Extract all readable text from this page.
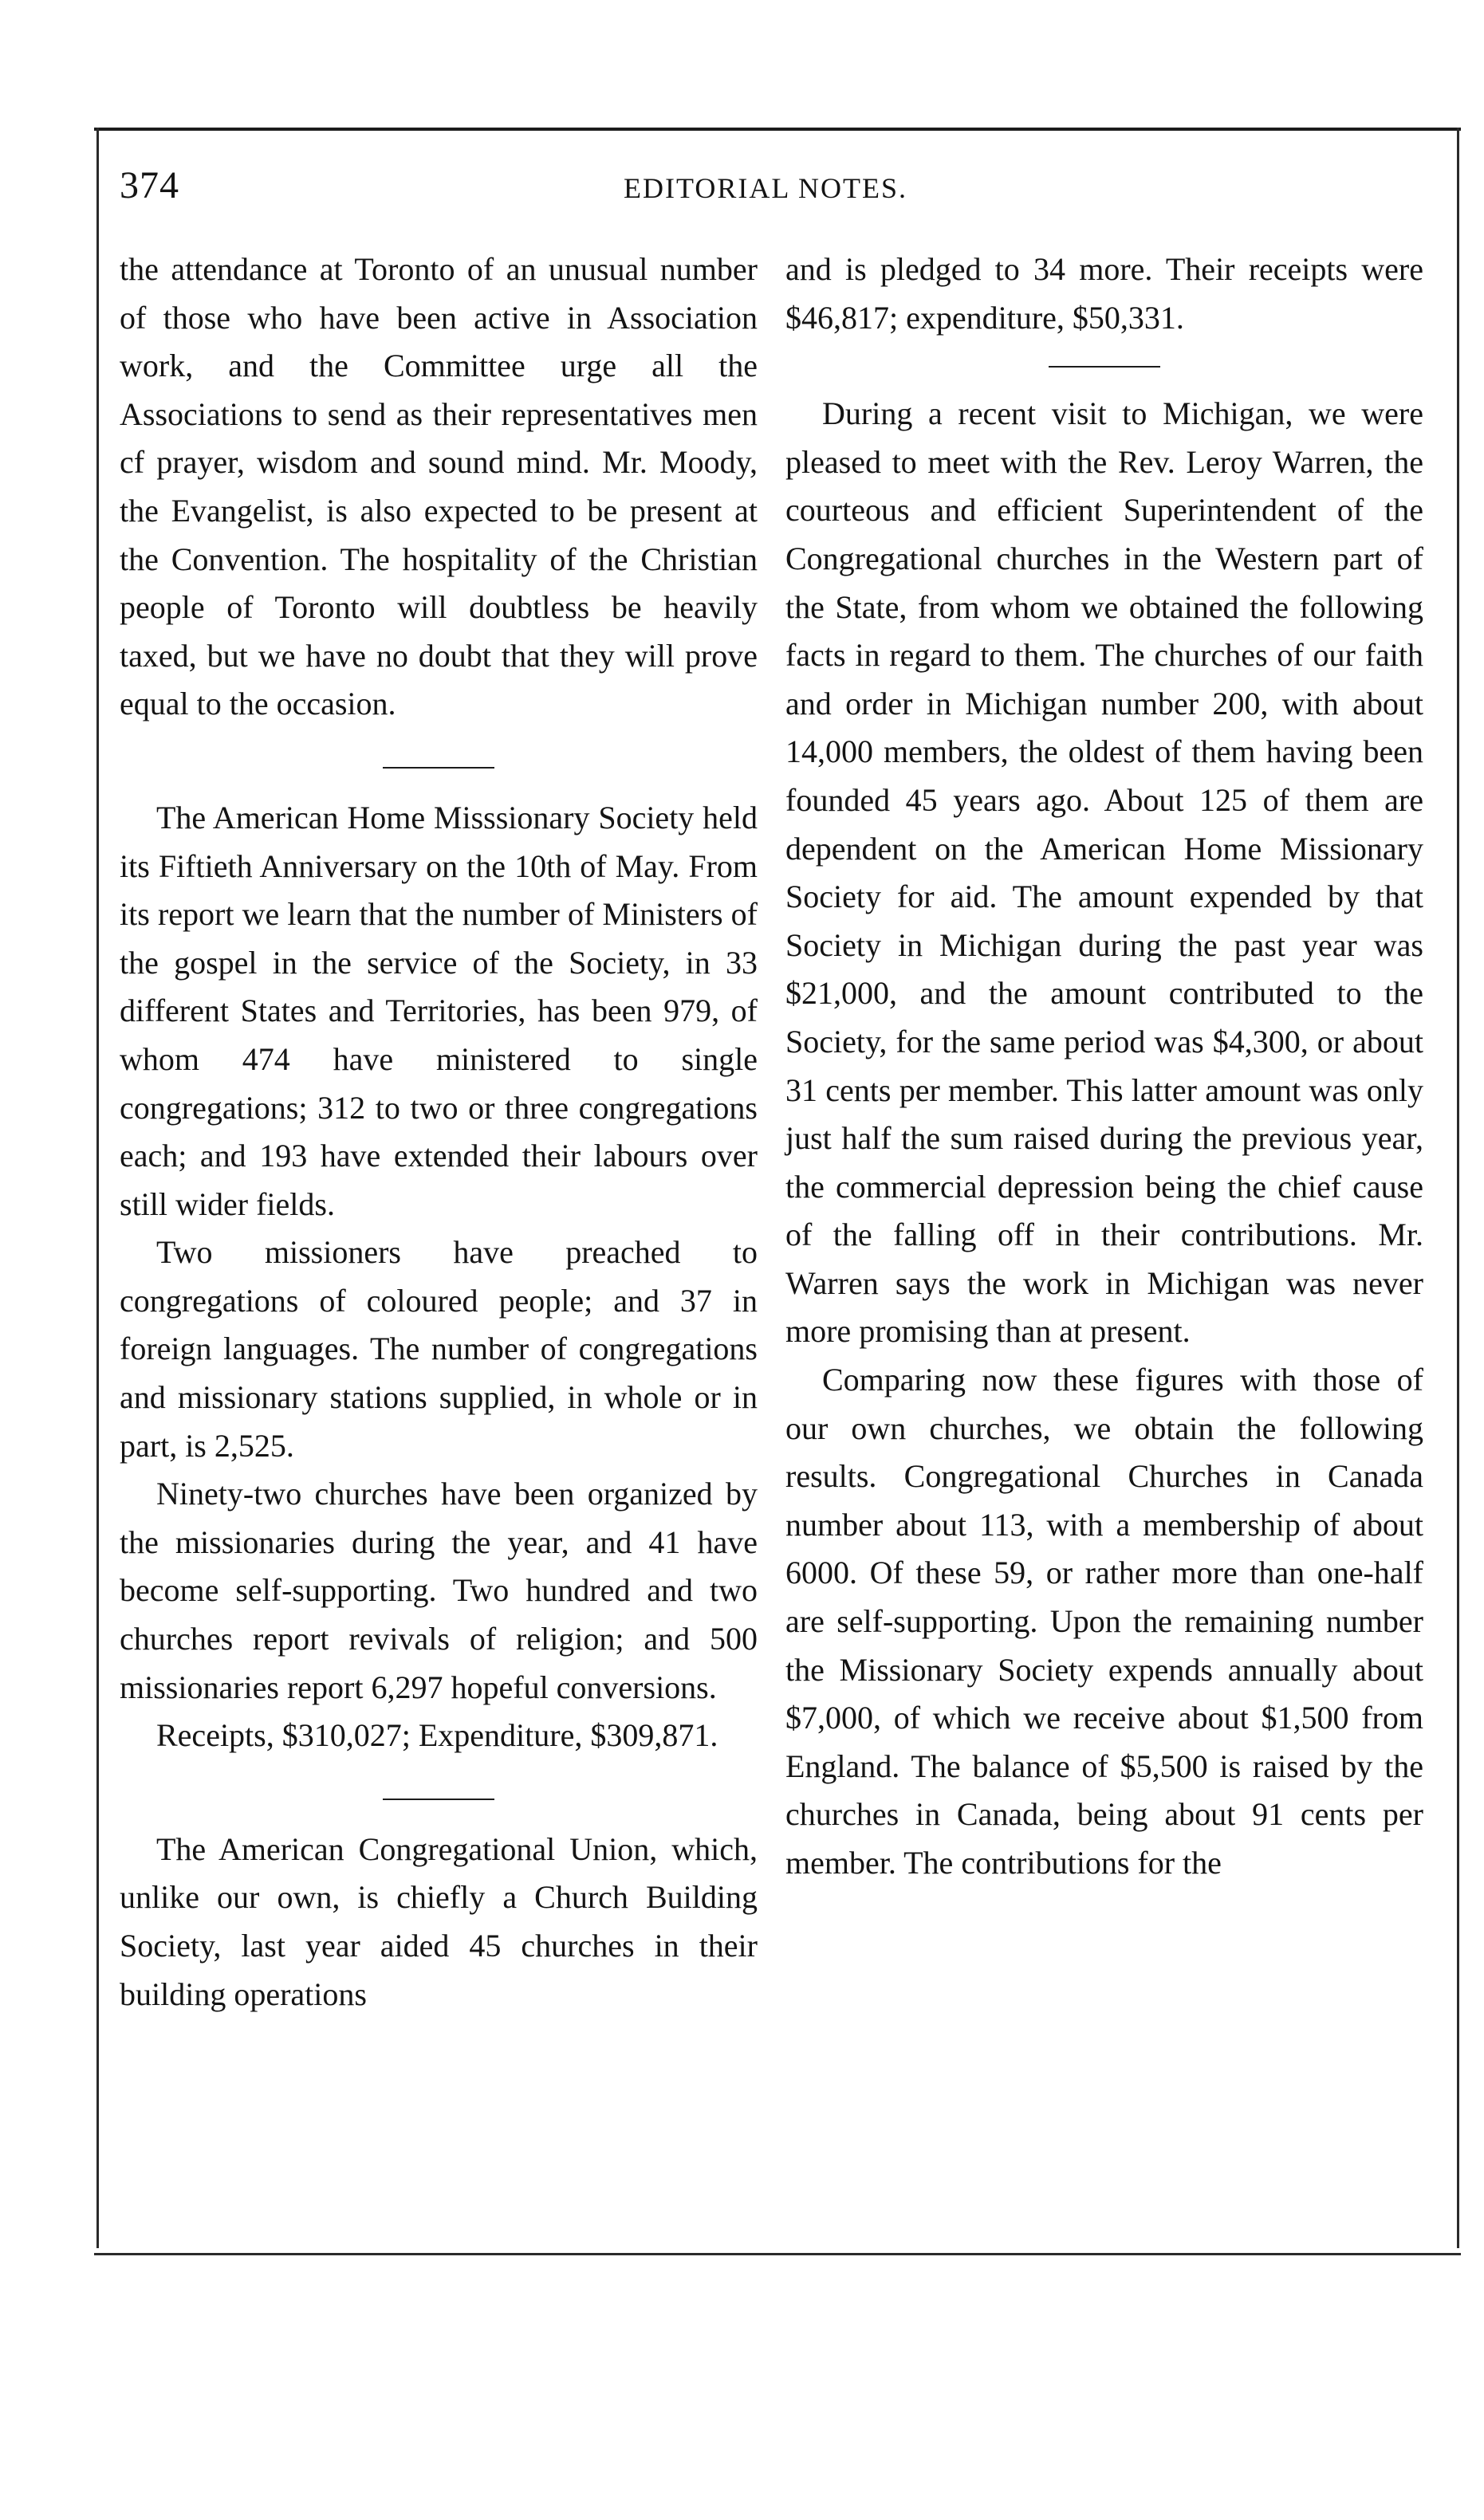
374	EDITORIAL NOTES.

the attendance at Toronto of an unusual number of those who have been active in Association work, and the Committee urge all the Associations to send as their representatives men cf prayer, wisdom and sound mind. Mr. Moody, the Evangelist, is also expected to be present at the Convention. The hospitality of the Christian people of Toronto will doubtless be heavily taxed, but we have no doubt that they will prove equal to the occasion.

The American Home Misssionary Society held its Fiftieth Anniversary on the 10th of May. From its report we learn that the number of Ministers of the gospel in the service of the Society, in 33 different States and Territories, has been 979, of whom 474 have ministered to single congregations; 312 to two or three congregations each; and 193 have extended their labours over still wider fields.

Two missioners have preached to congregations of coloured people; and 37 in foreign languages. The number of congregations and missionary stations supplied, in whole or in part, is 2,525.

Ninety-two churches have been organized by the missionaries during the year, and 41 have become self-supporting. Two hundred and two churches report revivals of religion; and 500 missionaries report 6,297 hopeful conversions.

Receipts, $310,027; Expenditure, $309,871.

The American Congregational Union, which, unlike our own, is chiefly a Church Building Society, last year aided 45 churches in their building operations

and is pledged to 34 more. Their receipts were $46,817; expenditure, $50,331.

During a recent visit to Michigan, we were pleased to meet with the Rev. Leroy Warren, the courteous and efficient Superintendent of the Congregational churches in the Western part of the State, from whom we obtained the following facts in regard to them. The churches of our faith and order in Michigan number 200, with about 14,000 members, the oldest of them having been founded 45 years ago. About 125 of them are dependent on the American Home Missionary Society for aid. The amount expended by that Society in Michigan during the past year was $21,000, and the amount contributed to the Society, for the same period was $4,300, or about 31 cents per member. This latter amount was only just half the sum raised during the previous year, the commercial depression being the chief cause of the falling off in their contributions. Mr. Warren says the work in Michigan was never more promising than at present.

Comparing now these figures with those of our own churches, we obtain the following results. Congregational Churches in Canada number about 113, with a membership of about 6000. Of these 59, or rather more than one-half are self-supporting. Upon the remaining number the Missionary Society expends annually about $7,000, of which we receive about $1,500 from England. The balance of $5,500 is raised by the churches in Canada, being about 91 cents per member. The contributions for the
